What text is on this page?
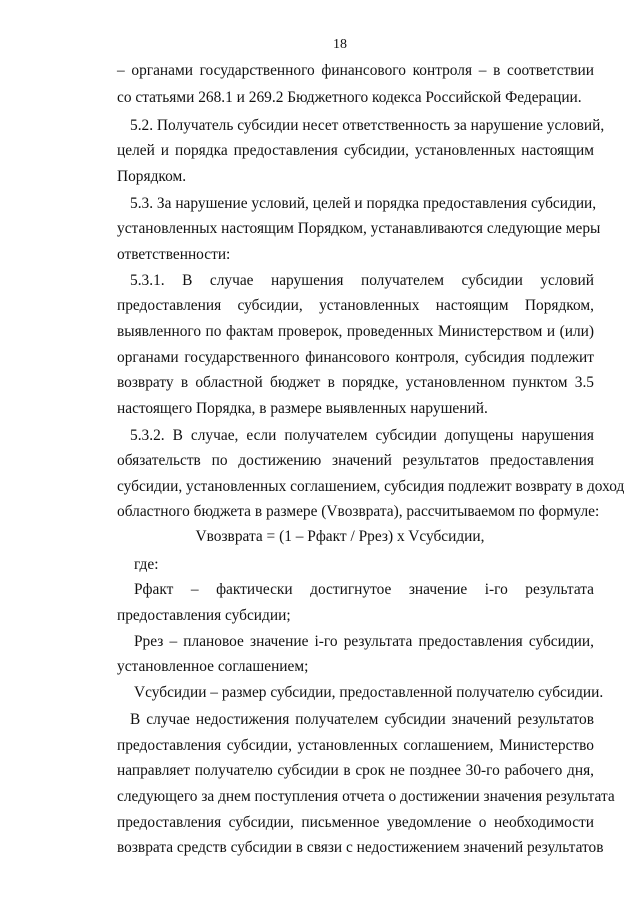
18
– органами государственного финансового контроля – в соответствии
со статьями 268.1 и 269.2 Бюджетного кодекса Российской Федерации.
5.2. Получатель субсидии несет ответственность за нарушение условий,
целей и порядка предоставления субсидии, установленных настоящим
Порядком.
5.3. За нарушение условий, целей и порядка предоставления субсидии,
установленных настоящим Порядком, устанавливаются следующие меры
ответственности:
5.3.1. В случае нарушения получателем субсидии условий
предоставления субсидии, установленных настоящим Порядком,
выявленного по фактам проверок, проведенных Министерством и (или)
органами государственного финансового контроля, субсидия подлежит
возврату в областной бюджет в порядке, установленном пунктом 3.5
настоящего Порядка, в размере выявленных нарушений.
5.3.2. В случае, если получателем субсидии допущены нарушения
обязательств по достижению значений результатов предоставления
субсидии, установленных соглашением, субсидия подлежит возврату в доход
областного бюджета в размере (Vвозврата), рассчитываемом по формуле:
Vвозврата = (1 – Рфакт / Ррез) x Vсубсидии,
где:
Рфакт – фактически достигнутое значение i-го результата
предоставления субсидии;
Ррез – плановое значение i-го результата предоставления субсидии,
установленное соглашением;
Vсубсидии – размер субсидии, предоставленной получателю субсидии.
В случае недостижения получателем субсидии значений результатов
предоставления субсидии, установленных соглашением, Министерство
направляет получателю субсидии в срок не позднее 30-го рабочего дня,
следующего за днем поступления отчета о достижении значения результата
предоставления субсидии, письменное уведомление о необходимости
возврата средств субсидии в связи с недостижением значений результатов
